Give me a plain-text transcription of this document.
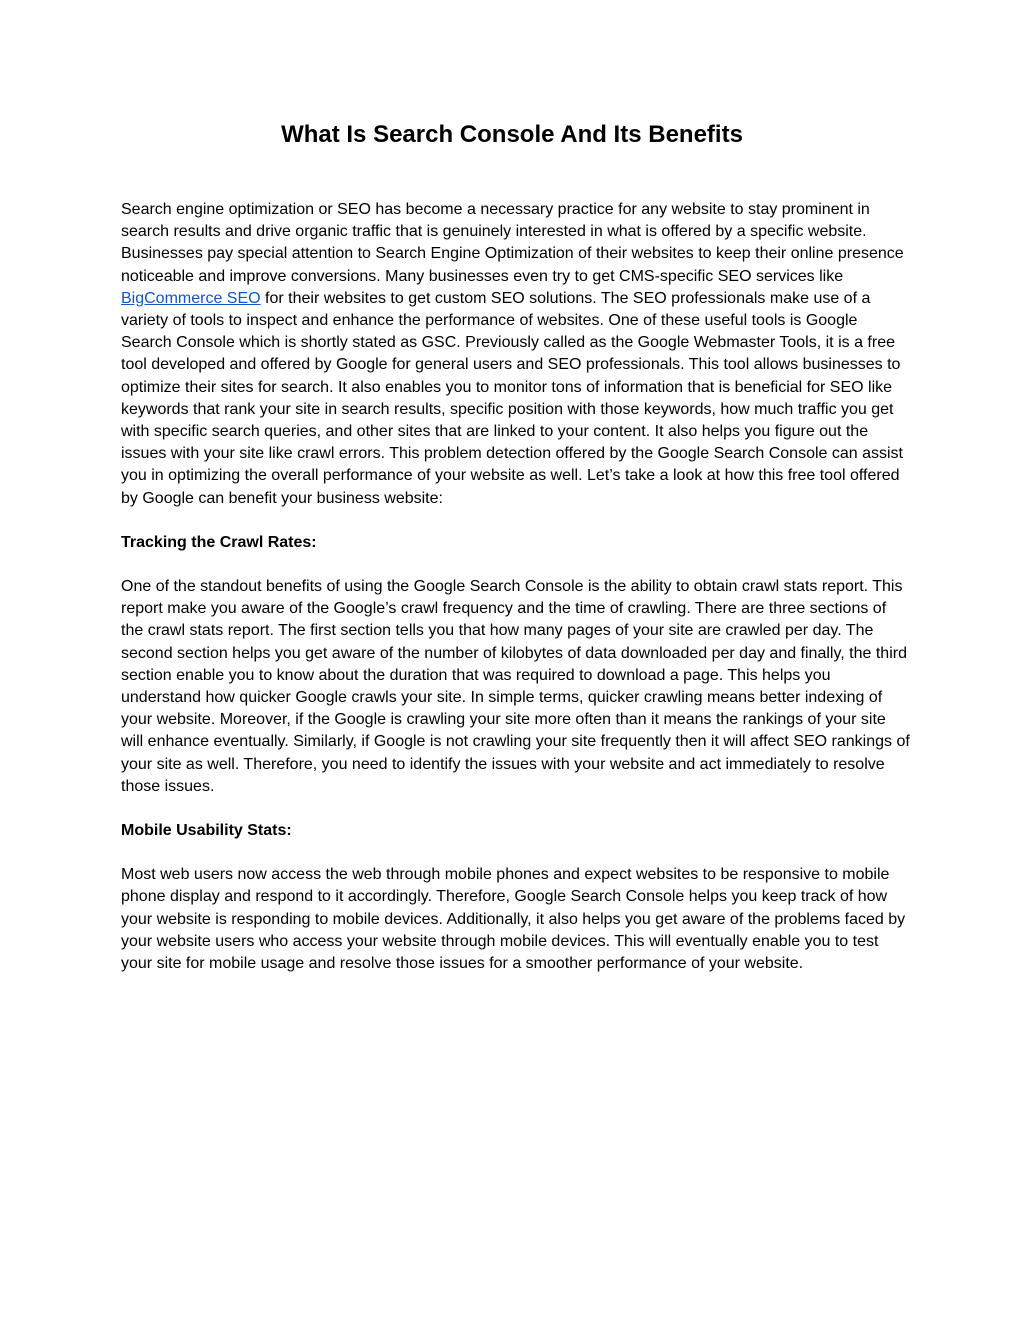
What Is Search Console And Its Benefits

Search engine optimization or SEO has become a necessary practice for any website to stay prominent in search results and drive organic traffic that is genuinely interested in what is offered by a specific website. Businesses pay special attention to Search Engine Optimization of their websites to keep their online presence noticeable and improve conversions. Many businesses even try to get CMS-specific SEO services like BigCommerce SEO for their websites to get custom SEO solutions. The SEO professionals make use of a variety of tools to inspect and enhance the performance of websites. One of these useful tools is Google Search Console which is shortly stated as GSC. Previously called as the Google Webmaster Tools, it is a free tool developed and offered by Google for general users and SEO professionals. This tool allows businesses to optimize their sites for search. It also enables you to monitor tons of information that is beneficial for SEO like keywords that rank your site in search results, specific position with those keywords, how much traffic you get with specific search queries, and other sites that are linked to your content. It also helps you figure out the issues with your site like crawl errors. This problem detection offered by the Google Search Console can assist you in optimizing the overall performance of your website as well. Let’s take a look at how this free tool offered by Google can benefit your business website:

Tracking the Crawl Rates:

One of the standout benefits of using the Google Search Console is the ability to obtain crawl stats report. This report make you aware of the Google’s crawl frequency and the time of crawling. There are three sections of the crawl stats report. The first section tells you that how many pages of your site are crawled per day. The second section helps you get aware of the number of kilobytes of data downloaded per day and finally, the third section enable you to know about the duration that was required to download a page. This helps you understand how quicker Google crawls your site. In simple terms, quicker crawling means better indexing of your website. Moreover, if the Google is crawling your site more often than it means the rankings of your site will enhance eventually. Similarly, if Google is not crawling your site frequently then it will affect SEO rankings of your site as well. Therefore, you need to identify the issues with your website and act immediately to resolve those issues.

Mobile Usability Stats:

Most web users now access the web through mobile phones and expect websites to be responsive to mobile phone display and respond to it accordingly. Therefore, Google Search Console helps you keep track of how your website is responding to mobile devices. Additionally, it also helps you get aware of the problems faced by your website users who access your website through mobile devices. This will eventually enable you to test your site for mobile usage and resolve those issues for a smoother performance of your website.
